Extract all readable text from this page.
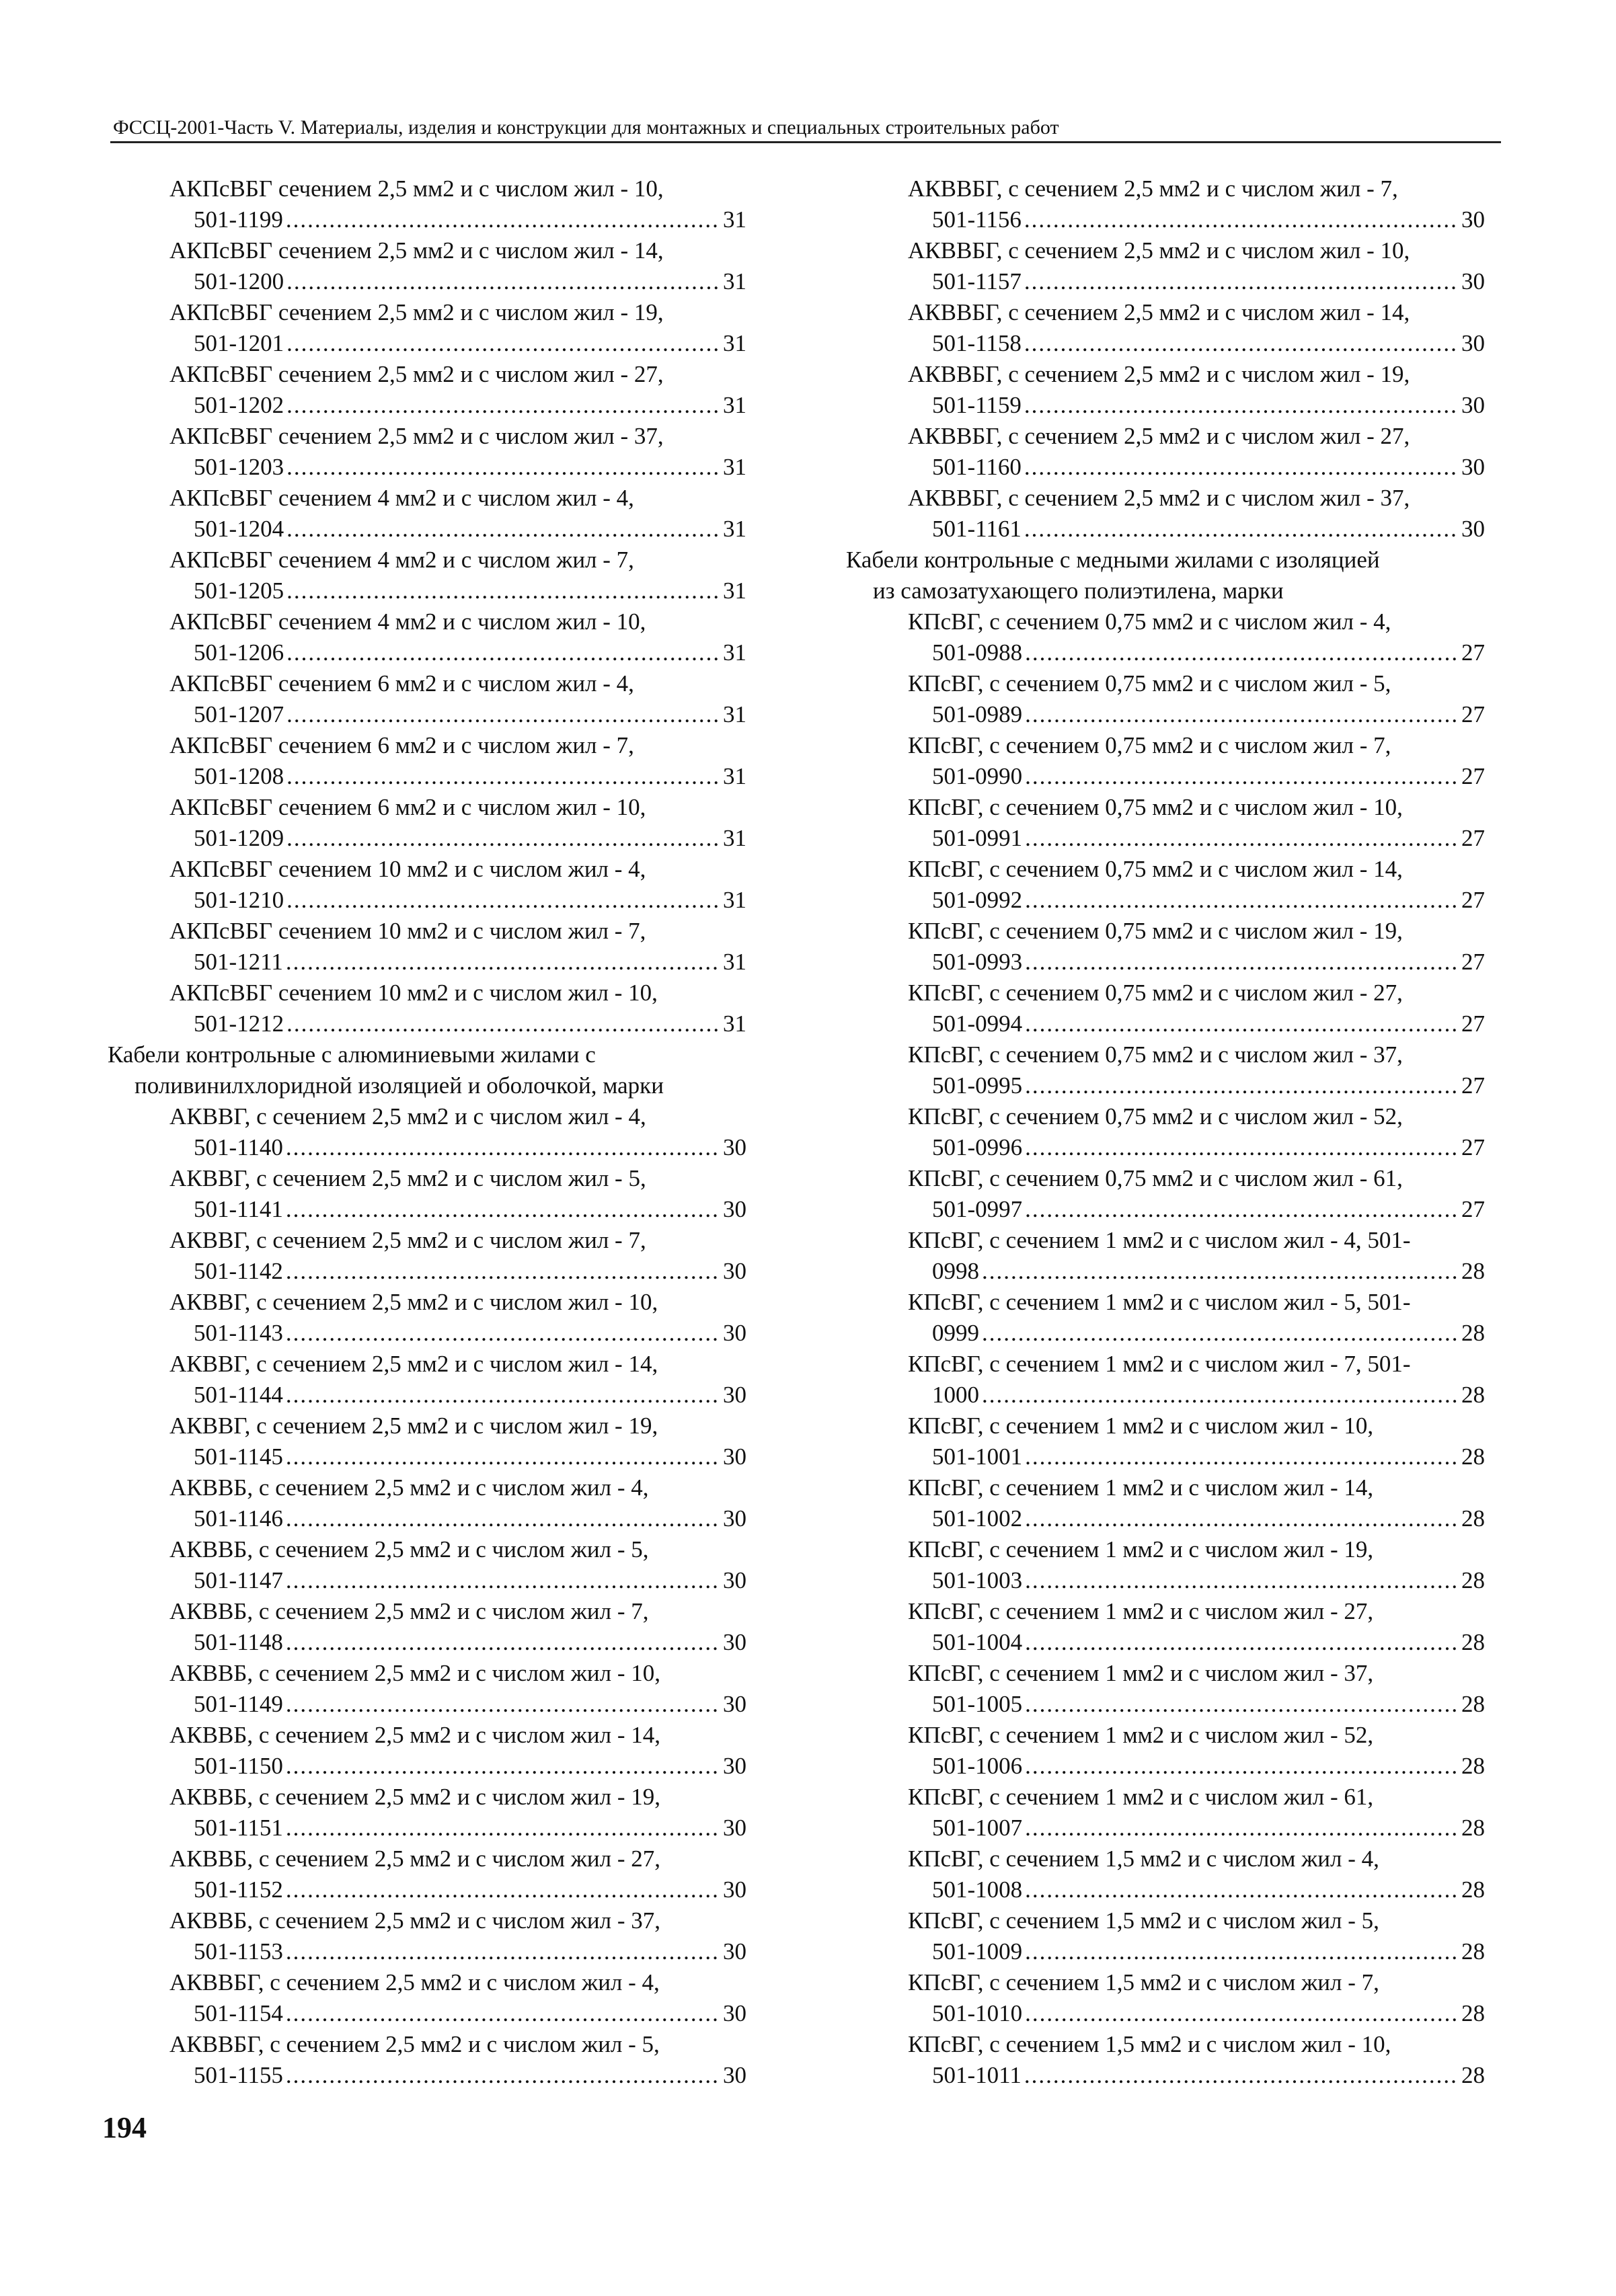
ФССЦ-2001-Часть V. Материалы, изделия и конструкции для монтажных и специальных строительных работ
АКПсВБГ сечением 2,5 мм2 и с числом жил - 10,
501-1199 .....	31
АКПсВБГ сечением 2,5 мм2 и с числом жил - 14,
501-1200 .....	31
АКПсВБГ сечением 2,5 мм2 и с числом жил - 19,
501-1201 .....	31
АКПсВБГ сечением 2,5 мм2 и с числом жил - 27,
501-1202 .....	31
АКПсВБГ сечением 2,5 мм2 и с числом жил - 37,
501-1203 .....	31
АКПсВБГ сечением 4 мм2 и с числом жил - 4,
501-1204 .....	31
АКПсВБГ сечением 4 мм2 и с числом жил - 7,
501-1205 .....	31
АКПсВБГ сечением 4 мм2 и с числом жил - 10,
501-1206 .....	31
АКПсВБГ сечением 6 мм2 и с числом жил - 4,
501-1207 .....	31
АКПсВБГ сечением 6 мм2 и с числом жил - 7,
501-1208 .....	31
АКПсВБГ сечением 6 мм2 и с числом жил - 10,
501-1209 .....	31
АКПсВБГ сечением 10 мм2 и с числом жил - 4,
501-1210 .....	31
АКПсВБГ сечением 10 мм2 и с числом жил - 7,
501-1211 .....	31
АКПсВБГ сечением 10 мм2 и с числом жил - 10,
501-1212 .....	31
Кабели контрольные с алюминиевыми жилами с
поливинилхлоридной изоляцией и оболочкой, марки
АКВВГ, с сечением 2,5 мм2 и с числом жил - 4,
501-1140 .....	30
АКВВГ, с сечением 2,5 мм2 и с числом жил - 5,
501-1141 .....	30
АКВВГ, с сечением 2,5 мм2 и с числом жил - 7,
501-1142 .....	30
АКВВГ, с сечением 2,5 мм2 и с числом жил - 10,
501-1143 .....	30
АКВВГ, с сечением 2,5 мм2 и с числом жил - 14,
501-1144 .....	30
АКВВГ, с сечением 2,5 мм2 и с числом жил - 19,
501-1145 .....	30
АКВВБ, с сечением 2,5 мм2 и с числом жил - 4,
501-1146 .....	30
АКВВБ, с сечением 2,5 мм2 и с числом жил - 5,
501-1147 .....	30
АКВВБ, с сечением 2,5 мм2 и с числом жил - 7,
501-1148 .....	30
АКВВБ, с сечением 2,5 мм2 и с числом жил - 10,
501-1149 .....	30
АКВВБ, с сечением 2,5 мм2 и с числом жил - 14,
501-1150 .....	30
АКВВБ, с сечением 2,5 мм2 и с числом жил - 19,
501-1151 .....	30
АКВВБ, с сечением 2,5 мм2 и с числом жил - 27,
501-1152 .....	30
АКВВБ, с сечением 2,5 мм2 и с числом жил - 37,
501-1153 .....	30
АКВВБГ, с сечением 2,5 мм2 и с числом жил - 4,
501-1154 .....	30
АКВВБГ, с сечением 2,5 мм2 и с числом жил - 5,
501-1155 .....	30
АКВВБГ, с сечением 2,5 мм2 и с числом жил - 7,
501-1156 .....	30
АКВВБГ, с сечением 2,5 мм2 и с числом жил - 10,
501-1157 .....	30
АКВВБГ, с сечением 2,5 мм2 и с числом жил - 14,
501-1158 .....	30
АКВВБГ, с сечением 2,5 мм2 и с числом жил - 19,
501-1159 .....	30
АКВВБГ, с сечением 2,5 мм2 и с числом жил - 27,
501-1160 .....	30
АКВВБГ, с сечением 2,5 мм2 и с числом жил - 37,
501-1161 .....	30
Кабели контрольные с медными жилами с изоляцией
из самозатухающего полиэтилена, марки
КПсВГ, с сечением 0,75 мм2 и с числом жил - 4,
501-0988 .....	27
КПсВГ, с сечением 0,75 мм2 и с числом жил - 5,
501-0989 .....	27
КПсВГ, с сечением 0,75 мм2 и с числом жил - 7,
501-0990 .....	27
КПсВГ, с сечением 0,75 мм2 и с числом жил - 10,
501-0991 .....	27
КПсВГ, с сечением 0,75 мм2 и с числом жил - 14,
501-0992 .....	27
КПсВГ, с сечением 0,75 мм2 и с числом жил - 19,
501-0993 .....	27
КПсВГ, с сечением 0,75 мм2 и с числом жил - 27,
501-0994 .....	27
КПсВГ, с сечением 0,75 мм2 и с числом жил - 37,
501-0995 .....	27
КПсВГ, с сечением 0,75 мм2 и с числом жил - 52,
501-0996 .....	27
КПсВГ, с сечением 0,75 мм2 и с числом жил - 61,
501-0997 .....	27
КПсВГ, с сечением 1 мм2 и с числом жил - 4, 501-
0998 .....	28
КПсВГ, с сечением 1 мм2 и с числом жил - 5, 501-
0999 .....	28
КПсВГ, с сечением 1 мм2 и с числом жил - 7, 501-
1000 .....	28
КПсВГ, с сечением 1 мм2 и с числом жил - 10,
501-1001 .....	28
КПсВГ, с сечением 1 мм2 и с числом жил - 14,
501-1002 .....	28
КПсВГ, с сечением 1 мм2 и с числом жил - 19,
501-1003 .....	28
КПсВГ, с сечением 1 мм2 и с числом жил - 27,
501-1004 .....	28
КПсВГ, с сечением 1 мм2 и с числом жил - 37,
501-1005 .....	28
КПсВГ, с сечением 1 мм2 и с числом жил - 52,
501-1006 .....	28
КПсВГ, с сечением 1 мм2 и с числом жил - 61,
501-1007 .....	28
КПсВГ, с сечением 1,5 мм2 и с числом жил - 4,
501-1008 .....	28
КПсВГ, с сечением 1,5 мм2 и с числом жил - 5,
501-1009 .....	28
КПсВГ, с сечением 1,5 мм2 и с числом жил - 7,
501-1010 .....	28
КПсВГ, с сечением 1,5 мм2 и с числом жил - 10,
501-1011 .....	28
194
